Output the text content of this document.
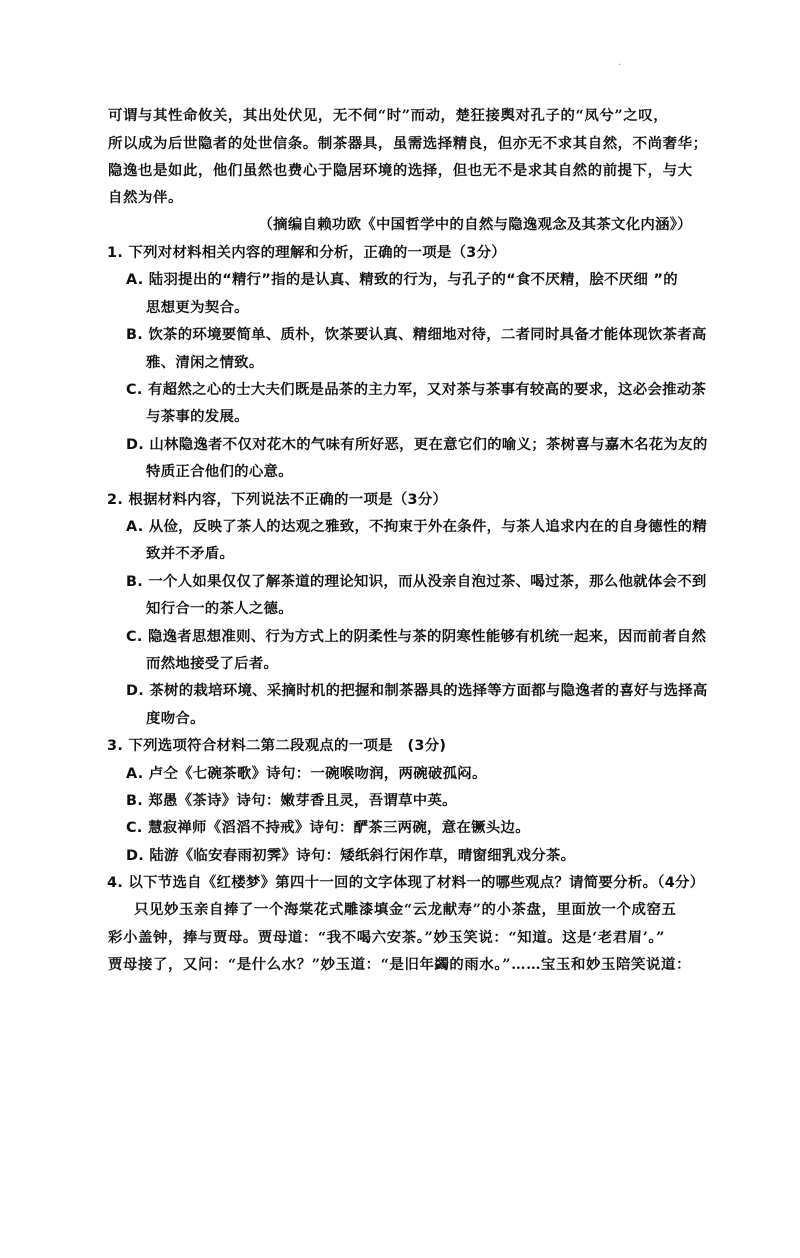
·

可谓与其性命攸关，其出处伏见，无不伺“时”而动，楚狂接舆对孔子的“凤兮”之叹，

所以成为后世隐者的处世信条。制茶器具，虽需选择精良，但亦无不求其自然，不尚奢华；

隐逸也是如此，他们虽然也费心于隐居环境的选择，但也无不是求其自然的前提下，与大

自然为伴。

（摘编自赖功欧《中国哲学中的自然与隐逸观念及其茶文化内涵》）

1. 下列对材料相关内容的理解和分析，正确的一项是（3分）

A. 陆羽提出的“精行”指的是认真、精致的行为，与孔子的“食不厌精，脍不厌细 ”的

思想更为契合。

B. 饮茶的环境要简单、质朴，饮茶要认真、精细地对待，二者同时具备才能体现饮茶者高

雅、清闲之情致。

C. 有超然之心的士大夫们既是品茶的主力军，又对茶与茶事有较高的要求，这必会推动茶

与茶事的发展。

D. 山林隐逸者不仅对花木的气味有所好恶，更在意它们的喻义；茶树喜与嘉木名花为友的

特质正合他们的心意。

2. 根据材料内容，下列说法不正确的一项是（3分）

A. 从俭，反映了茶人的达观之雅致，不拘束于外在条件，与茶人追求内在的自身德性的精

致并不矛盾。

B. 一个人如果仅仅了解茶道的理论知识，而从没亲自泡过茶、喝过茶，那么他就体会不到

知行合一的茶人之德。

C. 隐逸者思想准则、行为方式上的阴柔性与茶的阴寒性能够有机统一起来，因而前者自然

而然地接受了后者。

D. 茶树的栽培环境、采摘时机的把握和制茶器具的选择等方面都与隐逸者的喜好与选择高

度吻合。

3. 下列选项符合材料二第二段观点的一项是　(3分)

A. 卢仝《七碗茶歌》诗句：一碗喉吻润，两碗破孤闷。

B. 郑愚《茶诗》诗句：嫩芽香且灵，吾谓草中英。

C. 慧寂禅师《滔滔不持戒》诗句：酽茶三两碗，意在镢头边。

D. 陆游《临安春雨初霁》诗句：矮纸斜行闲作草，晴窗细乳戏分茶。

4. 以下节选自《红楼梦》第四十一回的文字体现了材料一的哪些观点？请简要分析。（4分）

只见妙玉亲自捧了一个海棠花式雕漆填金“云龙献寿”的小茶盘，里面放一个成窑五

彩小盖钟，捧与贾母。贾母道：“我不喝六安茶。”妙玉笑说：“知道。这是‘老君眉’。”

贾母接了，又问：“是什么水？”妙玉道：“是旧年蠲的雨水。”……宝玉和妙玉陪笑说道：
